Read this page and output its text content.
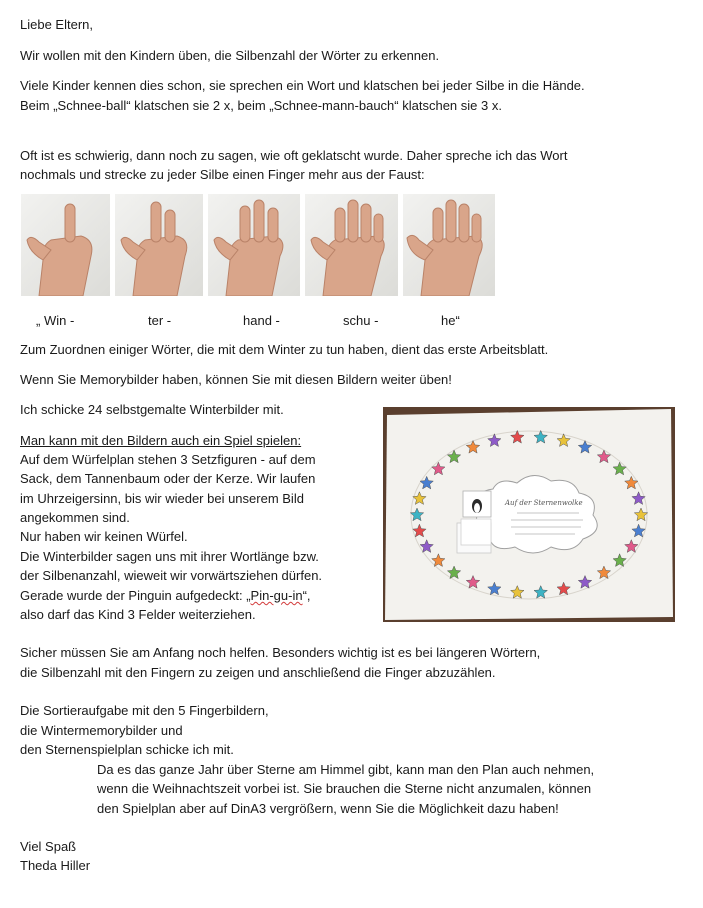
Liebe Eltern,
Wir wollen mit den Kindern üben, die Silbenzahl der Wörter zu erkennen.
Viele Kinder kennen dies schon, sie sprechen ein Wort und klatschen bei jeder Silbe in die Hände.
Beim „Schnee-ball“ klatschen sie 2 x, beim „Schnee-mann-bauch“ klatschen sie 3 x.
Oft ist es schwierig, dann noch zu sagen, wie oft geklatscht wurde. Daher spreche ich das Wort
nochmals und strecke zu jeder Silbe einen Finger mehr aus der Faust:
„ Win -	ter -	hand -	schu -	he“
Zum Zuordnen einiger Wörter, die mit dem Winter zu tun haben, dient das erste Arbeitsblatt.
Wenn Sie Memorybilder haben, können Sie mit diesen Bildern weiter üben!
Ich schicke 24 selbstgemalte Winterbilder mit.
Man kann mit den Bildern auch ein Spiel spielen:
Auf dem Würfelplan stehen 3 Setzfiguren - auf dem
Sack, dem Tannenbaum oder der Kerze. Wir laufen
im Uhrzeigersinn, bis wir wieder bei unserem Bild
angekommen sind.
Nur haben wir keinen Würfel.
Die Winterbilder sagen uns mit ihrer Wortlänge bzw.
der Silbenanzahl, wieweit wir vorwärtsziehen dürfen.
Gerade wurde der Pinguin aufgedeckt: „Pin-gu-in“,
also darf das Kind 3 Felder weiterziehen.
Auf der Sternenwolke
Sicher müssen Sie am Anfang noch helfen. Besonders wichtig ist es bei längeren Wörtern,
die Silbenzahl mit den Fingern zu zeigen und anschließend die Finger abzuzählen.
Die Sortieraufgabe mit den 5 Fingerbildern,
die Wintermemorybilder und
den Sternenspielplan schicke ich mit.
Da es das ganze Jahr über Sterne am Himmel gibt, kann man den Plan auch nehmen,
wenn die Weihnachtszeit vorbei ist. Sie brauchen die Sterne nicht anzumalen, können
den Spielplan aber auf DinA3 vergrößern, wenn Sie die Möglichkeit dazu haben!
Viel Spaß
Theda Hiller
